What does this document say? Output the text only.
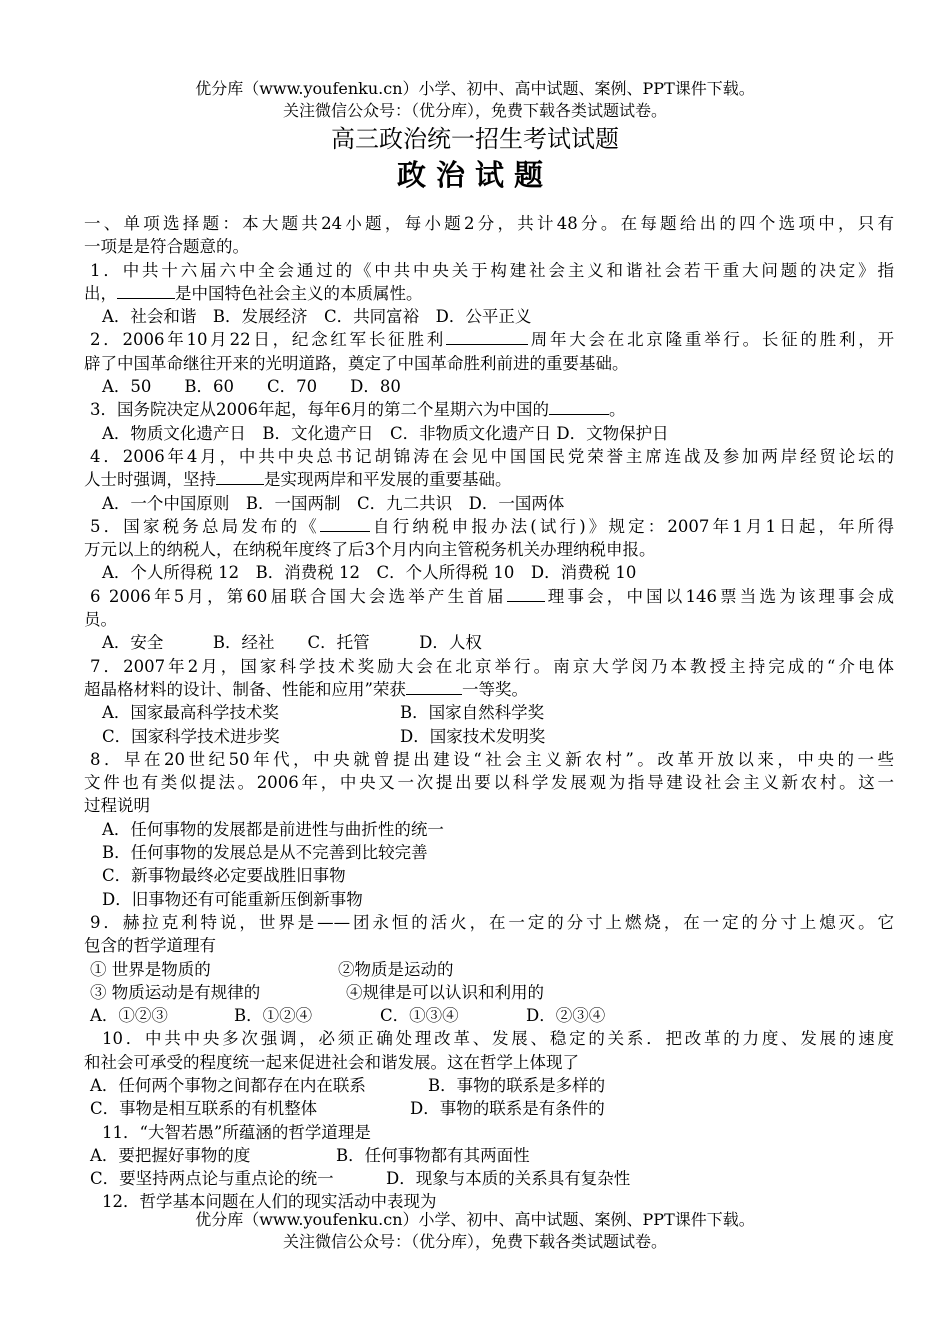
优分库（www.youfenku.cn）小学、初中、高中试题、案例、PPT课件下载。
关注微信公众号：（优分库），免费下载各类试题试卷。
高三政治统一招生考试试题
政治试题
一、单项选择题：本大题共24小题，每小题2分，共计48分。在每题给出的四个选项中，只有
一项是是符合题意的。
1．中共十六届六中全会通过的《中共中央关于构建社会主义和谐社会若干重大问题的决定》指
出，	是中国特色社会主义的本质属性。
A．社会和谐　B．发展经济　C．共同富裕　D．公平正义
2．2006年10月22日，纪念红军长征胜利	周年大会在北京隆重举行。长征的胜利，开
辟了中国革命继往开来的光明道路，奠定了中国革命胜利前进的重要基础。
A．50　　B．60　　C．70　　D．80
3．国务院决定从2006年起，每年6月的第二个星期六为中国的	。
A．物质文化遗产日　B．文化遗产日　C．非物质文化遗产日 D．文物保护日
4．2006年4月，中共中央总书记胡锦涛在会见中国国民党荣誉主席连战及参加两岸经贸论坛的
人士时强调，坚持	是实现两岸和平发展的重要基础。
A．一个中国原则　B．一国两制　C．九二共识　D．一国两体
5．国家税务总局发布的《	自行纳税申报办法(试行)》规定：2007年1月1日起，年所得
万元以上的纳税人，在纳税年度终了后3个月内向主管税务机关办理纳税申报。
A．个人所得税 12　B．消费税 12　C．个人所得税 10　D．消费税 10
6 2006年5月，第60届联合国大会选举产生首届 理事会，中国以146票当选为该理事会成
员。
A．安全　　　B．经社　　C．托管　　　D．人权
7．2007年2月，国家科学技术奖励大会在北京举行。南京大学闵乃本教授主持完成的“介电体
超晶格材料的设计、制备、性能和应用”荣获	一等奖。
A．国家最高科学技术奖	B．国家自然科学奖
C．国家科学技术进步奖	D．国家技术发明奖
8．早在20世纪50年代，中央就曾提出建设“社会主义新农村”。改革开放以来，中央的一些
文件也有类似提法。2006年，中央又一次提出要以科学发展观为指导建设社会主义新农村。这一
过程说明
A．任何事物的发展都是前进性与曲折性的统一
B．任何事物的发展总是从不完善到比较完善
C．新事物最终必定要战胜旧事物
D．旧事物还有可能重新压倒新事物
9．赫拉克利特说，世界是——团永恒的活火，在一定的分寸上燃烧，在一定的分寸上熄灭。它
包含的哲学道理有
① 世界是物质的	②物质是运动的
③ 物质运动是有规律的	④规律是可以认识和利用的
A．①②③	B．①②④	C．①③④	D．②③④
10．中共中央多次强调，必须正确处理改革、发展、稳定的关系．把改革的力度、发展的速度
和社会可承受的程度统一起来促进社会和谐发展。这在哲学上体现了
A．任何两个事物之间都存在内在联系	B．事物的联系是多样的
C．事物是相互联系的有机整体	D．事物的联系是有条件的
11．“大智若愚”所蕴涵的哲学道理是
A．要把握好事物的度	B．任何事物都有其两面性
C．要坚持两点论与重点论的统一	D．现象与本质的关系具有复杂性
12．哲学基本问题在人们的现实活动中表现为
优分库（www.youfenku.cn）小学、初中、高中试题、案例、PPT课件下载。
关注微信公众号：（优分库），免费下载各类试题试卷。
